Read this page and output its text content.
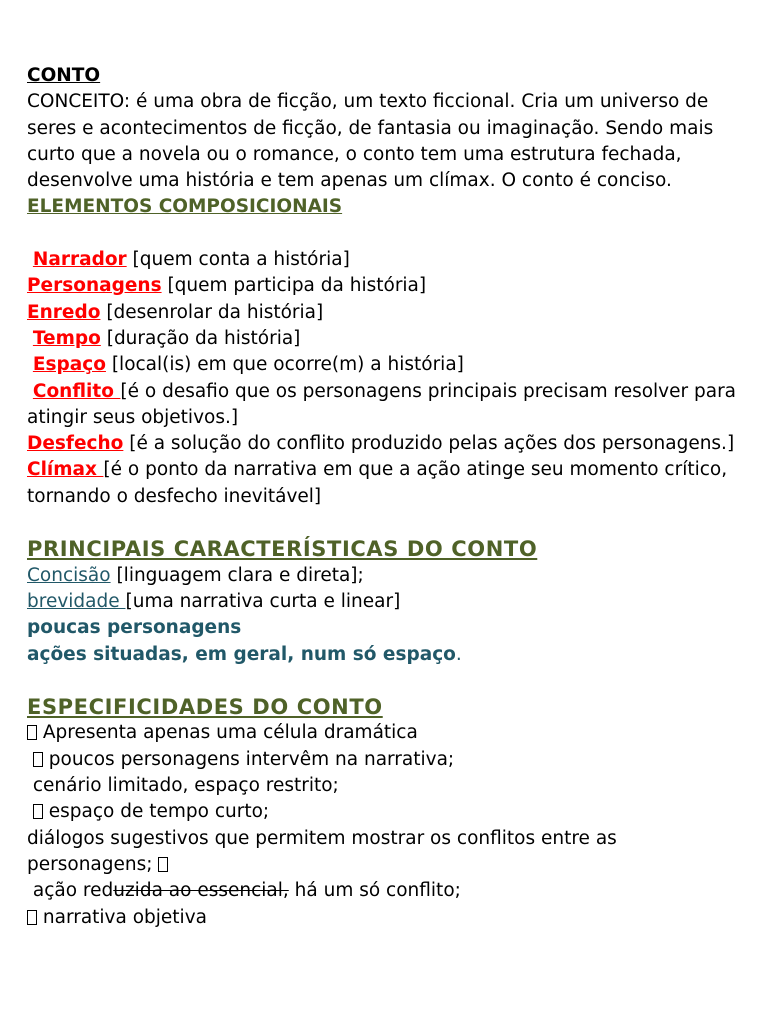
CONTO
CONCEITO: é uma obra de ficção, um texto ficcional. Cria um universo de
seres e acontecimentos de ficção, de fantasia ou imaginação. Sendo mais
curto que a novela ou o romance, o conto tem uma estrutura fechada,
desenvolve uma história e tem apenas um clímax. O conto é conciso.
ELEMENTOS COMPOSICIONAIS
Narrador [quem conta a história]
Personagens [quem participa da história]
Enredo [desenrolar da história]
Tempo [duração da história]
Espaço [local(is) em que ocorre(m) a história]
Conflito [é o desafio que os personagens principais precisam resolver para
atingir seus objetivos.]
Desfecho [é a solução do conflito produzido pelas ações dos personagens.]
Clímax [é o ponto da narrativa em que a ação atinge seu momento crítico,
tornando o desfecho inevitável]
PRINCIPAIS CARACTERÍSTICAS DO CONTO
Concisão [linguagem clara e direta];
brevidade [uma narrativa curta e linear]
poucas personagens
ações situadas, em geral, num só espaço.
ESPECIFICIDADES DO CONTO
Apresenta apenas uma célula dramática
poucos personagens intervêm na narrativa;
cenário limitado, espaço restrito;
espaço de tempo curto;
diálogos sugestivos que permitem mostrar os conflitos entre as
personagens;
ação reduzida ao essencial, há um só conflito;
narrativa objetiva
